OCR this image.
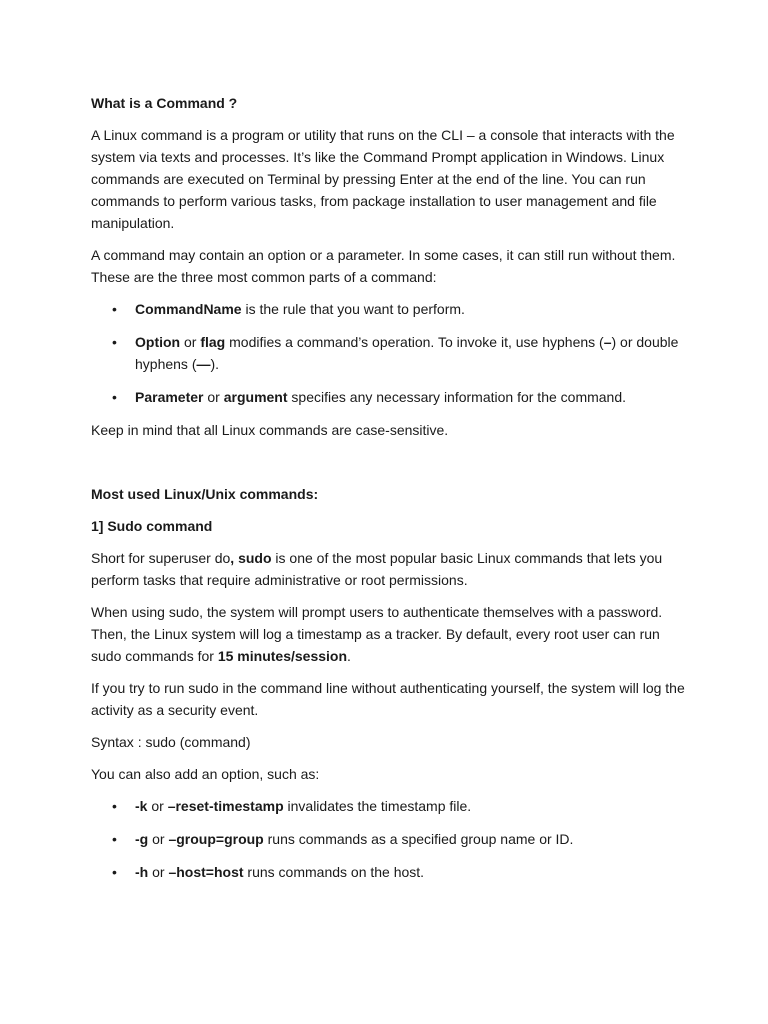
What is a Command ?

A Linux command is a program or utility that runs on the CLI – a console that interacts with the system via texts and processes. It’s like the Command Prompt application in Windows. Linux commands are executed on Terminal by pressing Enter at the end of the line. You can run commands to perform various tasks, from package installation to user management and file manipulation.

A command may contain an option or a parameter. In some cases, it can still run without them. These are the three most common parts of a command:

• CommandName is the rule that you want to perform.
• Option or flag modifies a command’s operation. To invoke it, use hyphens (–) or double hyphens (—).
• Parameter or argument specifies any necessary information for the command.

Keep in mind that all Linux commands are case-sensitive.

Most used Linux/Unix commands:
1] Sudo command

Short for superuser do, sudo is one of the most popular basic Linux commands that lets you perform tasks that require administrative or root permissions.

When using sudo, the system will prompt users to authenticate themselves with a password. Then, the Linux system will log a timestamp as a tracker. By default, every root user can run sudo commands for 15 minutes/session.

If you try to run sudo in the command line without authenticating yourself, the system will log the activity as a security event.

Syntax : sudo (command)

You can also add an option, such as:

• -k or –reset-timestamp invalidates the timestamp file.
• -g or –group=group runs commands as a specified group name or ID.
• -h or –host=host runs commands on the host.
